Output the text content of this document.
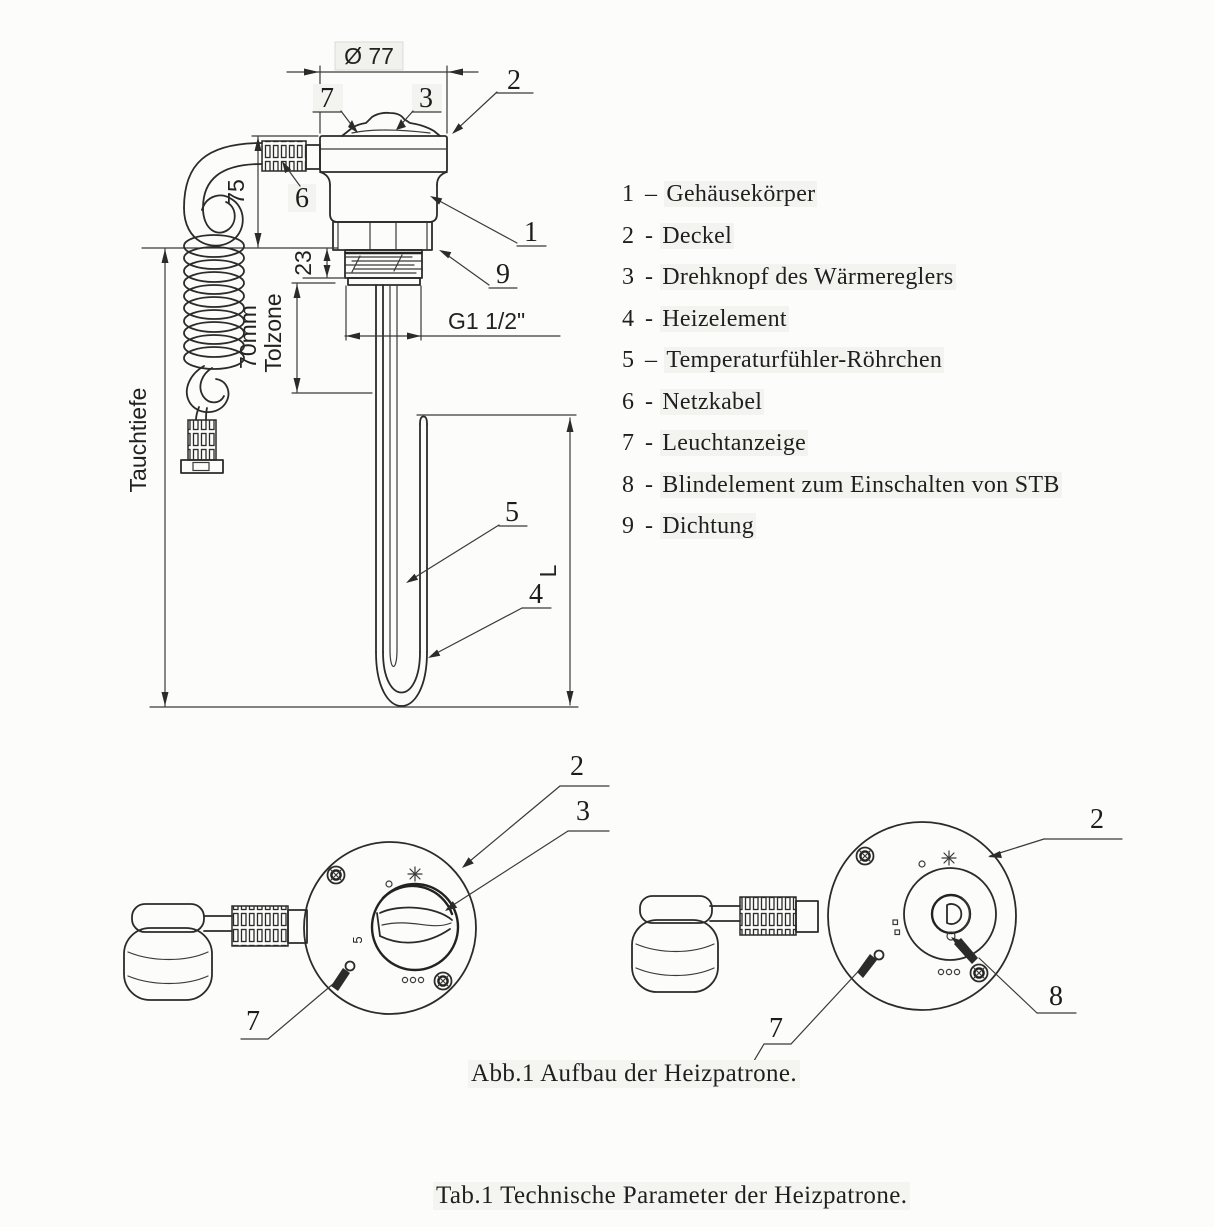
Ø 77
75
23
70mm Tolzone
Tauchtiefe
G1 1/2"
L
7	3
2
6
1
9
5
4
5
2
3
7
2
8
7
1 – Gehäusekörper
2 - Deckel
3 - Drehknopf des Wärmereglers
4 - Heizelement
5 – Temperaturfühler-Röhrchen
6 - Netzkabel
7 - Leuchtanzeige
8 - Blindelement zum Einschalten von STB
9 - Dichtung
Abb.1 Aufbau der Heizpatrone.
Tab.1 Technische Parameter der Heizpatrone.
